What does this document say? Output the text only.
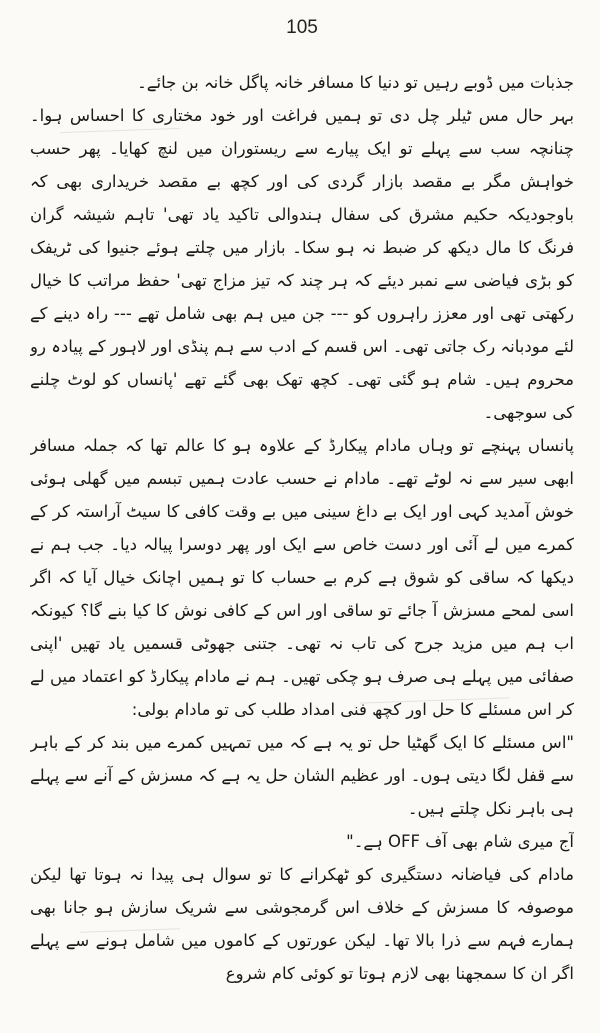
105

جذبات میں ڈوبے رہیں تو دنیا کا مسافر خانہ پاگل خانہ بن جائے۔

بہر حال مس ٹیلر چل دی تو ہمیں فراغت اور خود مختاری کا احساس ہوا۔ چنانچہ سب سے پہلے تو ایک پیارے سے ریستوران میں لنچ کھایا۔ پھر حسب خواہش مگر بے مقصد بازار گردی کی اور کچھ بے مقصد خریداری بھی کہ باوجودیکہ حکیم مشرق کی سفال ہندوالی تاکید یاد تھی' تاہم شیشہ گران فرنگ کا مال دیکھ کر ضبط نہ ہو سکا۔ بازار میں چلتے ہوئے جنیوا کی ٹریفک کو بڑی فیاضی سے نمبر دیئے کہ ہر چند کہ تیز مزاج تھی' حفظ مراتب کا خیال رکھتی تھی اور معزز راہروں کو --- جن میں ہم بھی شامل تھے --- راہ دینے کے لئے مودبانہ رک جاتی تھی۔ اس قسم کے ادب سے ہم پنڈی اور لاہور کے پیادہ رو محروم ہیں۔ شام ہو گئی تھی۔ کچھ تھک بھی گئے تھے 'پانساں کو لوٹ چلنے کی سوجھی۔

پانساں پہنچے تو وہاں مادام پیکارڈ کے علاوہ ہو کا عالم تھا کہ جملہ مسافر ابھی سیر سے نہ لوٹے تھے۔ مادام نے حسب عادت ہمیں تبسم میں گھلی ہوئی خوش آمدید کہی اور ایک بے داغ سینی میں بے وقت کافی کا سیٹ آراستہ کر کے کمرے میں لے آئی اور دست خاص سے ایک اور پھر دوسرا پیالہ دیا۔ جب ہم نے دیکھا کہ ساقی کو شوق ہے کرم بے حساب کا تو ہمیں اچانک خیال آیا کہ اگر اسی لمحے مسزش آ جائے تو ساقی اور اس کے کافی نوش کا کیا بنے گا؟ کیونکہ اب ہم میں مزید جرح کی تاب نہ تھی۔ جتنی جھوٹی قسمیں یاد تھیں 'اپنی صفائی میں پہلے ہی صرف ہو چکی تھیں۔ ہم نے مادام پیکارڈ کو اعتماد میں لے کر اس مسئلے کا حل اور کچھ فنی امداد طلب کی تو مادام بولی:

"اس مسئلے کا ایک گھٹیا حل تو یہ ہے کہ میں تمہیں کمرے میں بند کر کے باہر سے قفل لگا دیتی ہوں۔ اور عظیم الشان حل یہ ہے کہ مسزش کے آنے سے پہلے ہی باہر نکل چلتے ہیں۔

آج میری شام بھی آف OFF ہے۔"

مادام کی فیاضانہ دستگیری کو ٹھکرانے کا تو سوال ہی پیدا نہ ہوتا تھا لیکن موصوفہ کا مسزش کے خلاف اس گرمجوشی سے شریک سازش ہو جانا بھی ہمارے فہم سے ذرا بالا تھا۔ لیکن عورتوں کے کاموں میں شامل ہونے سے پہلے اگر ان کا سمجھنا بھی لازم ہوتا تو کوئی کام شروع
